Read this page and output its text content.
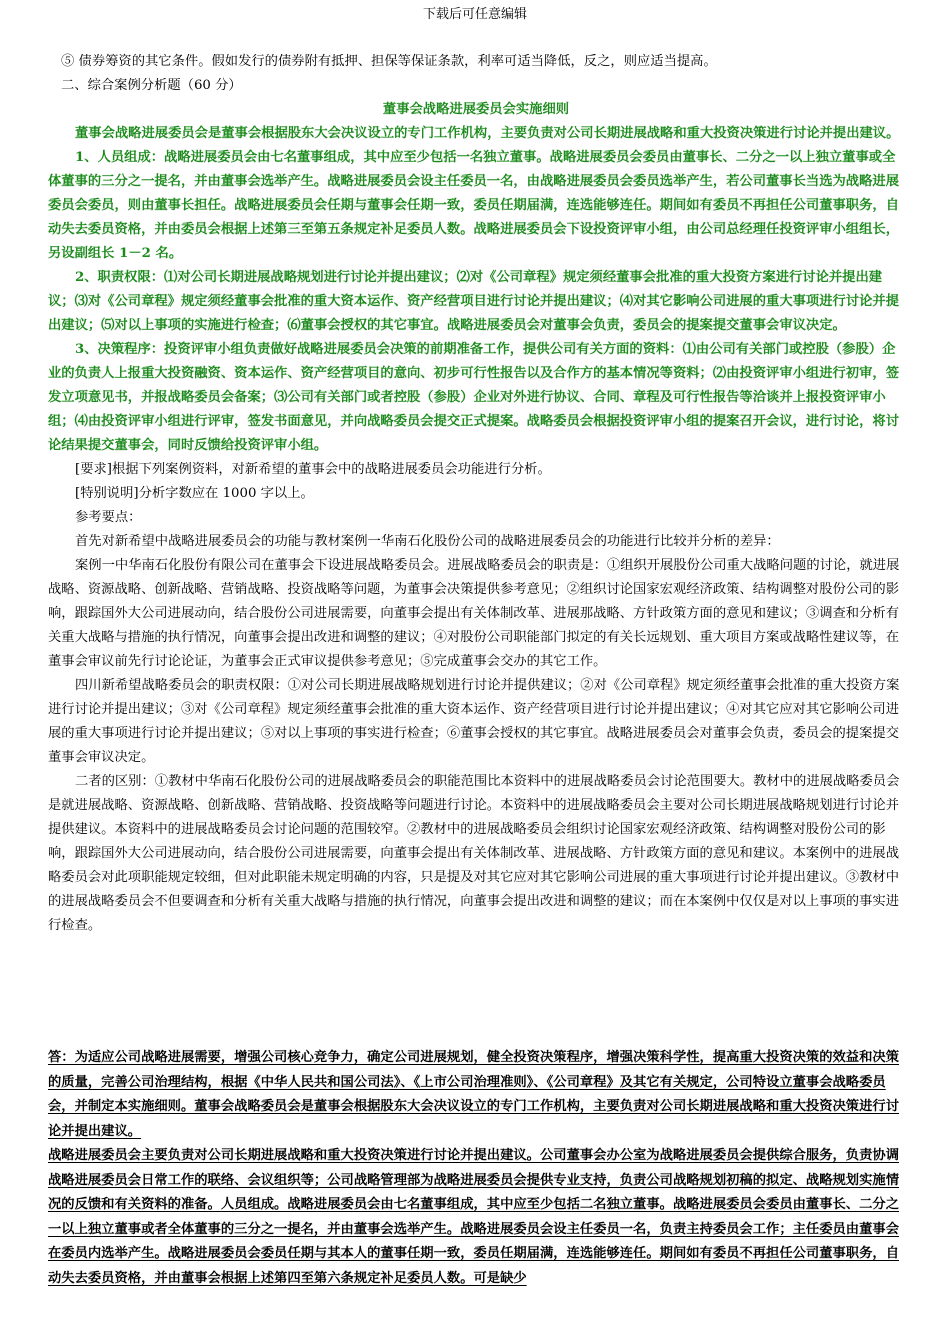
下载后可任意编辑

⑤ 债券筹资的其它条件。假如发行的债券附有抵押、担保等保证条款，利率可适当降低，反之，则应适当提高。

二、综合案例分析题（60 分）

董事会战略进展委员会实施细则

董事会战略进展委员会是董事会根据股东大会决议设立的专门工作机构，主要负责对公司长期进展战略和重大投资决策进行讨论并提出建议。

1、人员组成：战略进展委员会由七名董事组成，其中应至少包括一名独立董事。战略进展委员会委员由董事长、二分之一以上独立董事或全体董事的三分之一提名，并由董事会选举产生。战略进展委员会设主任委员一名，由战略进展委员会委员选举产生，若公司董事长当选为战略进展委员会委员，则由董事长担任。战略进展委员会任期与董事会任期一致，委员任期届满，连选能够连任。期间如有委员不再担任公司董事职务，自动失去委员资格，并由委员会根据上述第三至第五条规定补足委员人数。战略进展委员会下设投资评审小组，由公司总经理任投资评审小组组长，另设副组长 1－2 名。

2、职责权限：⑴对公司长期进展战略规划进行讨论并提出建议；⑵对《公司章程》规定须经董事会批准的重大投资方案进行讨论并提出建议；⑶对《公司章程》规定须经董事会批准的重大资本运作、资产经营项目进行讨论并提出建议；⑷对其它影响公司进展的重大事项进行讨论并提出建议；⑸对以上事项的实施进行检查；⑹董事会授权的其它事宜。战略进展委员会对董事会负责，委员会的提案提交董事会审议决定。

3、决策程序：投资评审小组负责做好战略进展委员会决策的前期准备工作，提供公司有关方面的资料：⑴由公司有关部门或控股（参股）企业的负责人上报重大投资融资、资本运作、资产经营项目的意向、初步可行性报告以及合作方的基本情况等资料；⑵由投资评审小组进行初审，签发立项意见书，并报战略委员会备案；⑶公司有关部门或者控股（参股）企业对外进行协议、合同、章程及可行性报告等洽谈并上报投资评审小组；⑷由投资评审小组进行评审，签发书面意见，并向战略委员会提交正式提案。战略委员会根据投资评审小组的提案召开会议，进行讨论，将讨论结果提交董事会，同时反馈给投资评审小组。

[要求]根据下列案例资料，对新希望的董事会中的战略进展委员会功能进行分析。

[特别说明]分析字数应在 1000 字以上。

参考要点：

首先对新希望中战略进展委员会的功能与教材案例一华南石化股份公司的战略进展委员会的功能进行比较并分析的差异：

案例一中华南石化股份有限公司在董事会下设进展战略委员会。进展战略委员会的职责是：①组织开展股份公司重大战略问题的讨论，就进展战略、资源战略、创新战略、营销战略、投资战略等问题，为董事会决策提供参考意见；②组织讨论国家宏观经济政策、结构调整对股份公司的影响，跟踪国外大公司进展动向，结合股份公司进展需要，向董事会提出有关体制改革、进展那战略、方针政策方面的意见和建议；③调查和分析有关重大战略与措施的执行情况，向董事会提出改进和调整的建议；④对股份公司职能部门拟定的有关长远规划、重大项目方案或战略性建议等，在董事会审议前先行讨论论证，为董事会正式审议提供参考意见；⑤完成董事会交办的其它工作。

四川新希望战略委员会的职责权限：①对公司长期进展战略规划进行讨论并提供建议；②对《公司章程》规定须经董事会批准的重大投资方案进行讨论并提出建议；③对《公司章程》规定须经董事会批准的重大资本运作、资产经营项目进行讨论并提出建议；④对其它应对其它影响公司进展的重大事项进行讨论并提出建议；⑤对以上事项的事实进行检查；⑥董事会授权的其它事宜。战略进展委员会对董事会负责，委员会的提案提交董事会审议决定。

二者的区别：①教材中华南石化股份公司的进展战略委员会的职能范围比本资料中的进展战略委员会讨论范围要大。教材中的进展战略委员会是就进展战略、资源战略、创新战略、营销战略、投资战略等问题进行讨论。本资料中的进展战略委员会主要对公司长期进展战略规划进行讨论并提供建议。本资料中的进展战略委员会讨论问题的范围较窄。②教材中的进展战略委员会组织讨论国家宏观经济政策、结构调整对股份公司的影响，跟踪国外大公司进展动向，结合股份公司进展需要，向董事会提出有关体制改革、进展战略、方针政策方面的意见和建议。本案例中的进展战略委员会对此项职能规定较细，但对此职能未规定明确的内容，只是提及对其它应对其它影响公司进展的重大事项进行讨论并提出建议。③教材中的进展战略委员会不但要调查和分析有关重大战略与措施的执行情况，向董事会提出改进和调整的建议；而在本案例中仅仅是对以上事项的事实进行检查。

答：为适应公司战略进展需要，增强公司核心竞争力，确定公司进展规划，健全投资决策程序，增强决策科学性，提高重大投资决策的效益和决策的质量，完善公司治理结构，根据《中华人民共和国公司法》、《上市公司治理准则》、《公司章程》及其它有关规定，公司特设立董事会战略委员会，并制定本实施细则。董事会战略委员会是董事会根据股东大会决议设立的专门工作机构，主要负责对公司长期进展战略和重大投资决策进行讨论并提出建议。

战略进展委员会主要负责对公司长期进展战略和重大投资决策进行讨论并提出建议。公司董事会办公室为战略进展委员会提供综合服务，负责协调战略进展委员会日常工作的联络、会议组织等；公司战略管理部为战略进展委员会提供专业支持，负责公司战略规划初稿的拟定、战略规划实施情况的反馈和有关资料的准备。人员组成。战略进展委员会由七名董事组成，其中应至少包括二名独立董事。战略进展委员会委员由董事长、二分之一以上独立董事或者全体董事的三分之一提名，并由董事会选举产生。战略进展委员会设主任委员一名，负责主持委员会工作；主任委员由董事会在委员内选举产生。战略进展委员会委员任期与其本人的董事任期一致，委员任期届满，连选能够连任。期间如有委员不再担任公司董事职务，自动失去委员资格，并由董事会根据上述第四至第六条规定补足委员人数。可是缺少
